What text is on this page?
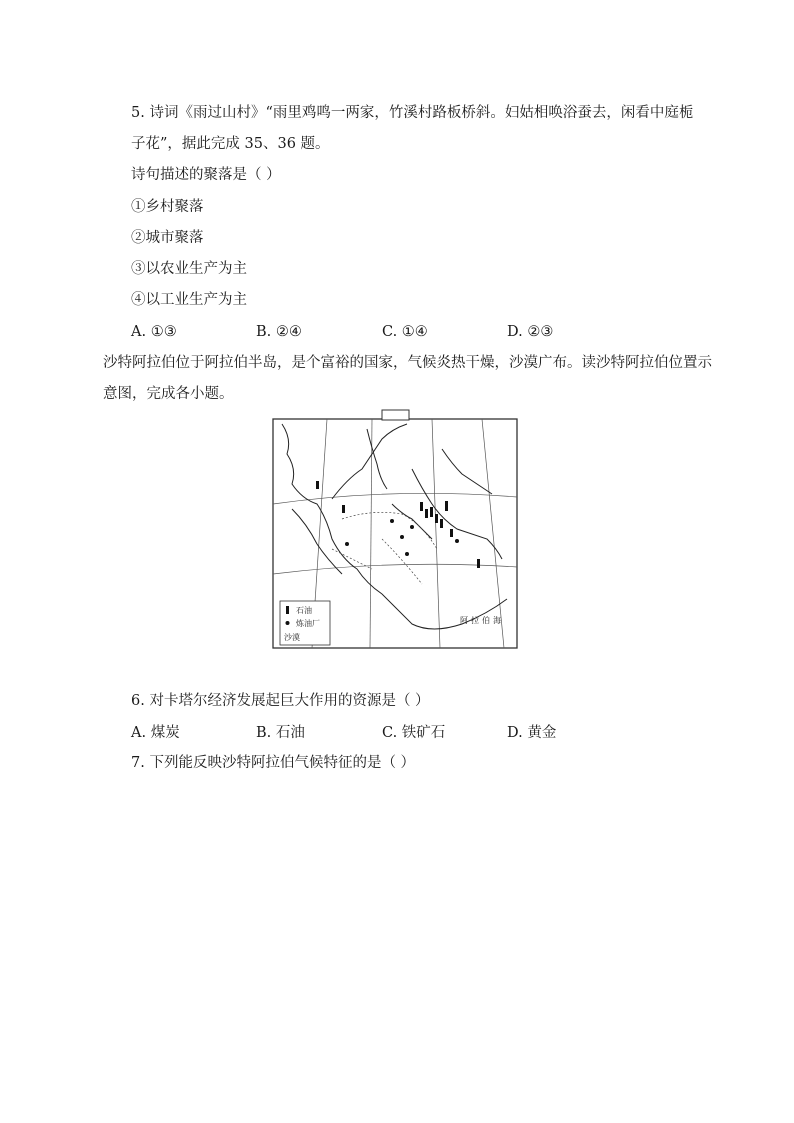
5. 诗词《雨过山村》“雨里鸡鸣一两家，竹溪村路板桥斜。妇姑相唤浴蚕去，闲看中庭栀
子花”，据此完成 35、36 题。
诗句描述的聚落是（ ）
①乡村聚落
②城市聚落
③以农业生产为主
④以工业生产为主
A. ①③	B. ②④	C. ①④	D. ②③
沙特阿拉伯位于阿拉伯半岛，是个富裕的国家，气候炎热干燥，沙漠广布。读沙特阿拉伯位置示
意图，完成各小题。
石油
炼油厂
沙漠
阿拉伯海
6. 对卡塔尔经济发展起巨大作用的资源是（ ）
A. 煤炭	B. 石油	C. 铁矿石	D. 黄金
7. 下列能反映沙特阿拉伯气候特征的是（ ）
